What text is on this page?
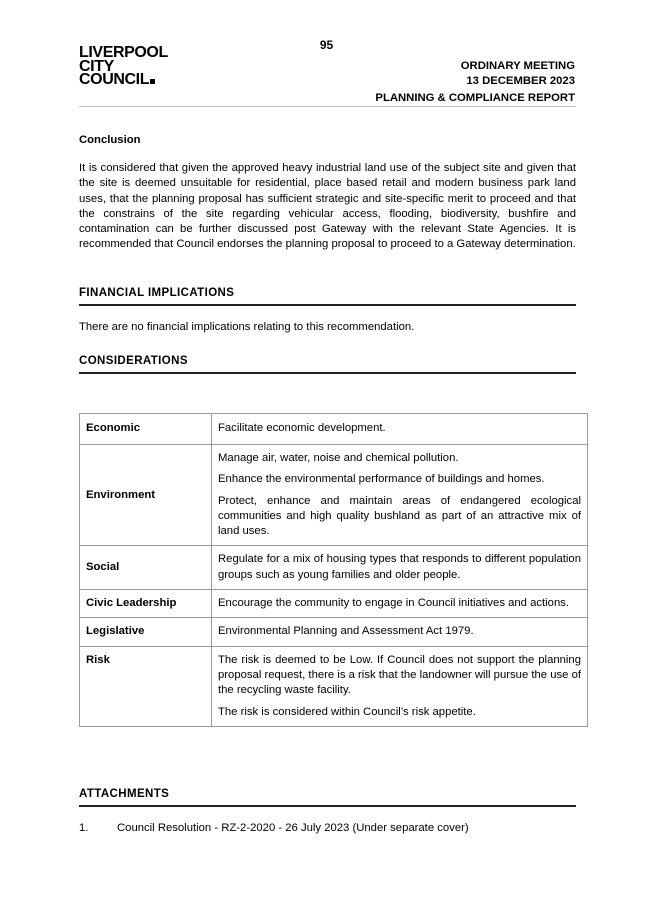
95
LIVERPOOL
CITY
COUNCIL
ORDINARY MEETING
13 DECEMBER 2023
PLANNING & COMPLIANCE REPORT

Conclusion

It is considered that given the approved heavy industrial land use of the subject site and given that the site is deemed unsuitable for residential, place based retail and modern business park land uses, that the planning proposal has sufficient strategic and site-specific merit to proceed and that the constrains of the site regarding vehicular access, flooding, biodiversity, bushfire and contamination can be further discussed post Gateway with the relevant State Agencies. It is recommended that Council endorses the planning proposal to proceed to a Gateway determination.

FINANCIAL IMPLICATIONS

There are no financial implications relating to this recommendation.

CONSIDERATIONS
Economic	Facilitate economic development.

Environment	Manage air, water, noise and chemical pollution.

Enhance the environmental performance of buildings and homes.

Protect, enhance and maintain areas of endangered ecological communities and high quality bushland as part of an attractive mix of land uses.

Social	Regulate for a mix of housing types that responds to different population groups such as young families and older people.

Civic Leadership	Encourage the community to engage in Council initiatives and actions.

Legislative	Environmental Planning and Assessment Act 1979.

Risk	The risk is deemed to be Low. If Council does not support the planning proposal request, there is a risk that the landowner will pursue the use of the recycling waste facility.

The risk is considered within Council’s risk appetite.

ATTACHMENTS
1.	Council Resolution - RZ-2-2020 - 26 July 2023 (Under separate cover)
